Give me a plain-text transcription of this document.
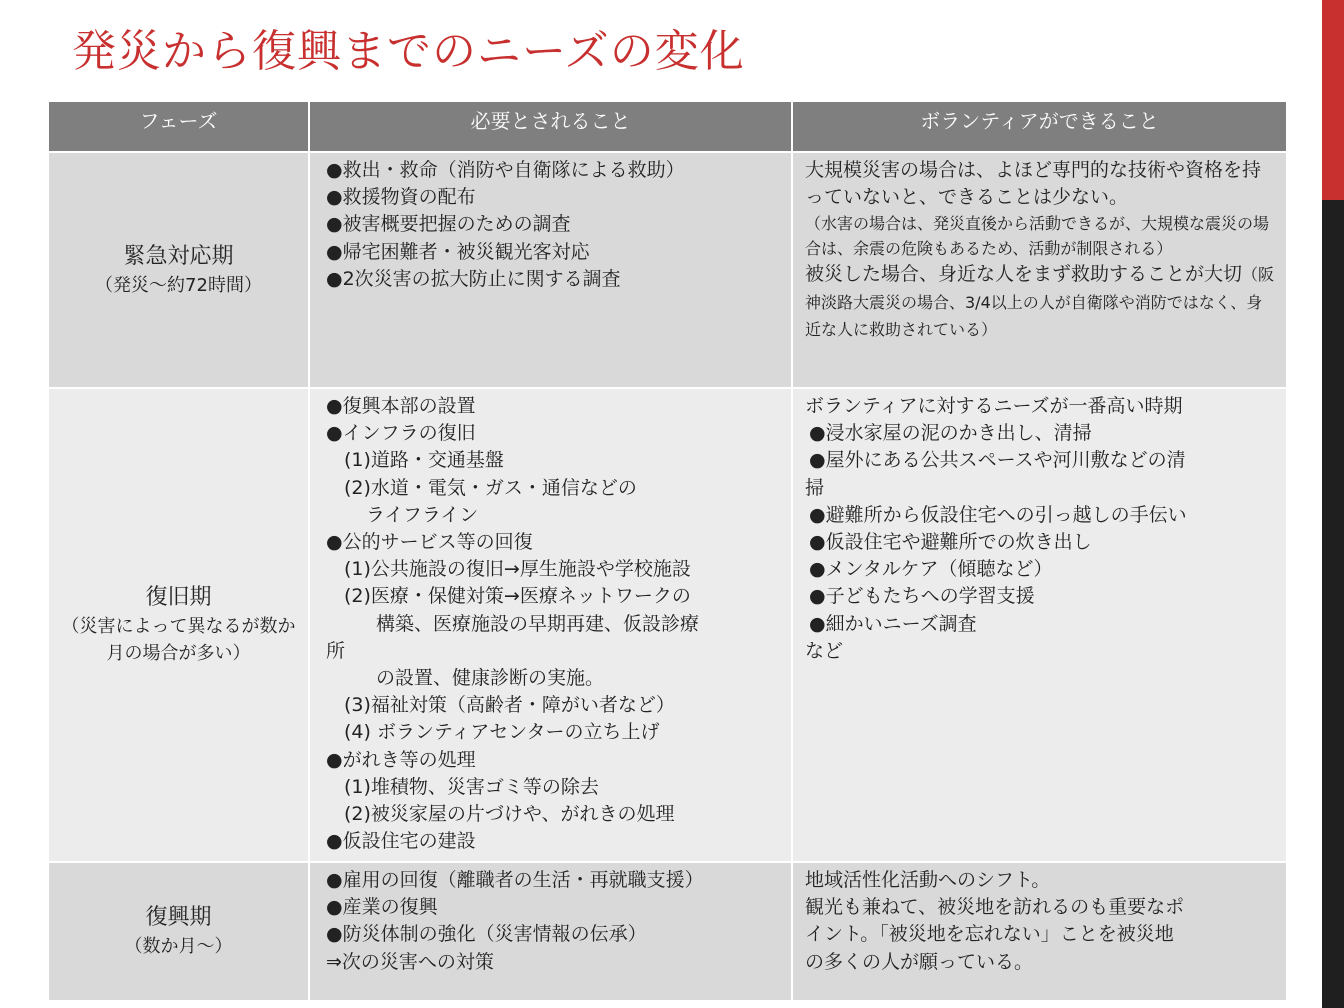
発災から復興までのニーズの変化
フェーズ	必要とされること	ボランティアができること
緊急対応期
（発災～約72時間）
●救出・救命（消防や自衛隊による救助）
●救援物資の配布
●被害概要把握のための調査
●帰宅困難者・被災観光客対応
●2次災害の拡大防止に関する調査
大規模災害の場合は、よほど専門的な技術や資格を持っていないと、できることは少ない。
（水害の場合は、発災直後から活動できるが、大規模な震災の場合は、余震の危険もあるため、活動が制限される）
被災した場合、身近な人をまず救助することが大切（阪神淡路大震災の場合、3/4以上の人が自衛隊や消防ではなく、身近な人に救助されている）
復旧期
（災害によって異なるが数か月の場合が多い）
●復興本部の設置
●インフラの復旧
(1)道路・交通基盤
(2)水道・電気・ガス・通信などの
ライフライン
●公的サービス等の回復
(1)公共施設の復旧→厚生施設や学校施設
(2)医療・保健対策→医療ネットワークの
構築、医療施設の早期再建、仮設診療
所
の設置、健康診断の実施。
(3)福祉対策（高齢者・障がい者など）
(4) ボランティアセンターの立ち上げ
●がれき等の処理
(1)堆積物、災害ゴミ等の除去
(2)被災家屋の片づけや、がれきの処理
●仮設住宅の建設
ボランティアに対するニーズが一番高い時期
●浸水家屋の泥のかき出し、清掃
●屋外にある公共スペースや河川敷などの清
掃
●避難所から仮設住宅への引っ越しの手伝い
●仮設住宅や避難所での炊き出し
●メンタルケア（傾聴など）
●子どもたちへの学習支援
●細かいニーズ調査
など
復興期
（数か月～）
●雇用の回復（離職者の生活・再就職支援）
●産業の復興
●防災体制の強化（災害情報の伝承）
⇒次の災害への対策
地域活性化活動へのシフト。
観光も兼ねて、被災地を訪れるのも重要なポ
イント。「被災地を忘れない」ことを被災地
の多くの人が願っている。
